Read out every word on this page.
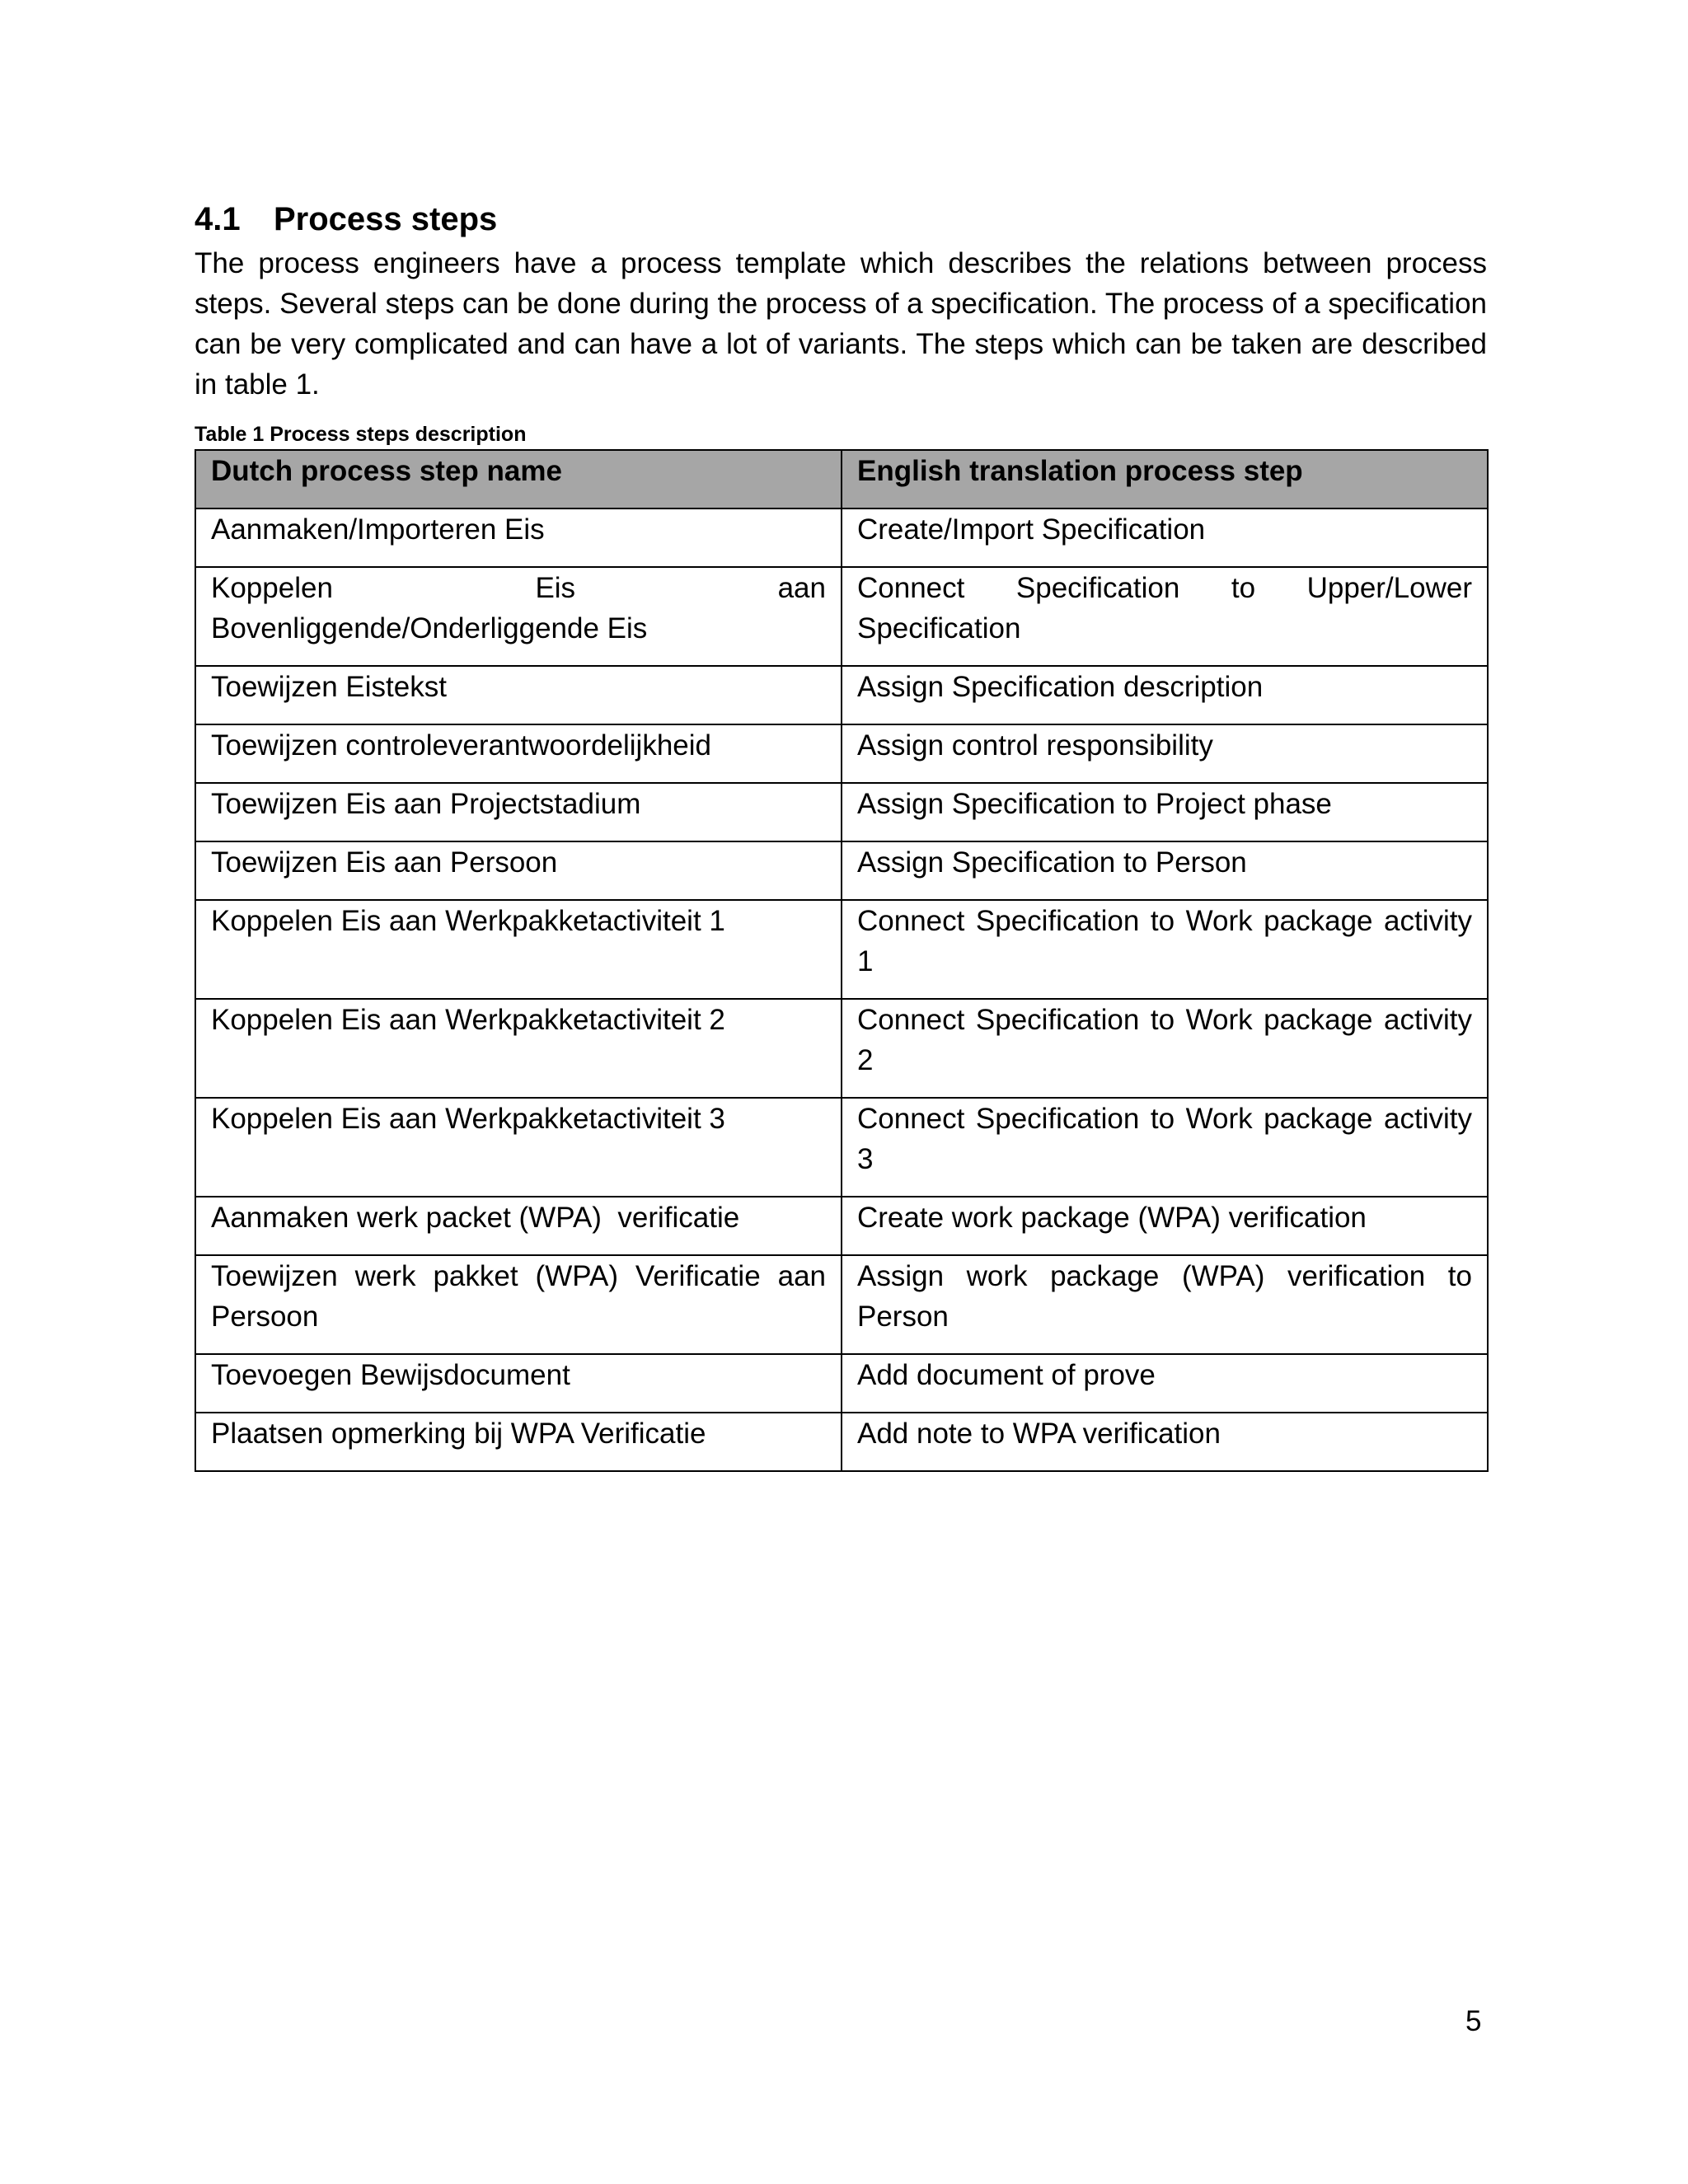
4.1 Process steps

The process engineers have a process template which describes the relations between process steps. Several steps can be done during the process of a specification. The process of a specification can be very complicated and can have a lot of variants. The steps which can be taken are described in table 1.

Table 1 Process steps description
Dutch process step name	English translation process step
Aanmaken/Importeren Eis	Create/Import Specification
Koppelen Eis aan Bovenliggende/Onderliggende Eis	Connect Specification to Upper/Lower Specification
Toewijzen Eistekst	Assign Specification description
Toewijzen controleverantwoordelijkheid	Assign control responsibility
Toewijzen Eis aan Projectstadium	Assign Specification to Project phase
Toewijzen Eis aan Persoon	Assign Specification to Person
Koppelen Eis aan Werkpakketactiviteit 1	Connect Specification to Work package activity 1
Koppelen Eis aan Werkpakketactiviteit 2	Connect Specification to Work package activity 2
Koppelen Eis aan Werkpakketactiviteit 3	Connect Specification to Work package activity 3
Aanmaken werk packet (WPA)  verificatie	Create work package (WPA) verification
Toewijzen werk pakket (WPA) Verificatie aan Persoon	Assign work package (WPA) verification to Person
Toevoegen Bewijsdocument	Add document of prove
Plaatsen opmerking bij WPA Verificatie	Add note to WPA verification
5
